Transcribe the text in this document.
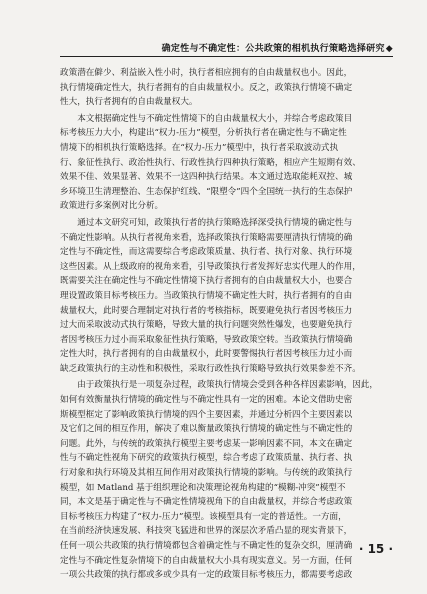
确定性与不确定性：公共政策的相机执行策略选择研究◆

政策潜在僻少、利益嵌入性小时，执行者相应拥有的自由裁量权也小。因此，
执行情境确定性大，执行者拥有的自由裁量权小。反之，政策执行情境不确定
性大，执行者拥有的自由裁量权大。

　　本文根据确定性与不确定性情境下的自由裁量权大小，并综合考虑政策目
标考核压力大小，构建出“权力-压力”模型，分析执行者在确定性与不确定性
情境下的相机执行策略选择。在“权力-压力”模型中，执行者采取波动式执
行、象征性执行、政治性执行、行政性执行四种执行策略，相应产生短期有效、
效果不佳、效果显著、效果不一这四种执行结果。本文通过选取能耗双控、城
乡环境卫生清理整治、生态保护红线、“限塑令”四个全国统一执行的生态保护
政策进行多案例对比分析。

　　通过本文研究可知，政策执行者的执行策略选择深受执行情境的确定性与
不确定性影响。从执行者视角来看，选择政策执行策略需要厘清执行情境的确
定性与不确定性，而这需要综合考虑政策质量、执行者、执行对象、执行环境
这些因素。从上级政府的视角来看，引导政策执行者发挥好忠实代理人的作用，
既需要关注在确定性与不确定性情境下执行者拥有的自由裁量权大小，也要合
理设置政策目标考核压力。当政策执行情境不确定性大时，执行者拥有的自由
裁量权大，此时要合理制定对执行者的考核指标，既要避免执行者因考核压力
过大而采取波动式执行策略，导致大量的执行问题突然性爆发，也要避免执行
者因考核压力过小而采取象征性执行策略，导致政策空转。当政策执行情境确
定性大时，执行者拥有的自由裁量权小，此时要警惕执行者因考核压力过小而
缺乏政策执行的主动性和积极性，采取行政性执行策略导致执行效果参差不齐。

　　由于政策执行是一项复杂过程，政策执行情境会受到各种各样因素影响，因此，
如何有效衡量执行情境的确定性与不确定性具有一定的困难。本论文借助史密
斯模型框定了影响政策执行情境的四个主要因素，并通过分析四个主要因素以
及它们之间的相互作用，解决了难以衡量政策执行情境的确定性与不确定性的
问题。此外，与传统的政策执行模型主要考虑某一影响因素不同，本文在确定
性与不确定性视角下研究的政策执行模型，综合考虑了政策质量、执行者、执
行对象和执行环境及其相互间作用对政策执行情境的影响。与传统的政策执行
模型，如 Matland 基于组织理论和决策理论视角构建的“模糊-冲突”模型不
同，本文是基于确定性与不确定性情境视角下的自由裁量权，并综合考虑政策
目标考核压力构建了“权力-压力”模型。该模型具有一定的普适性。一方面，
在当前经济快速发展、科技突飞猛进和世界的深层次矛盾凸显的现实背景下，
任何一项公共政策的执行情境都包含着确定性与不确定性的复杂交织，厘清确
定性与不确定性复杂情境下的自由裁量权大小具有现实意义。另一方面，任何
一项公共政策的执行都或多或少具有一定的政策目标考核压力，都需要考虑政

· 15 ·
